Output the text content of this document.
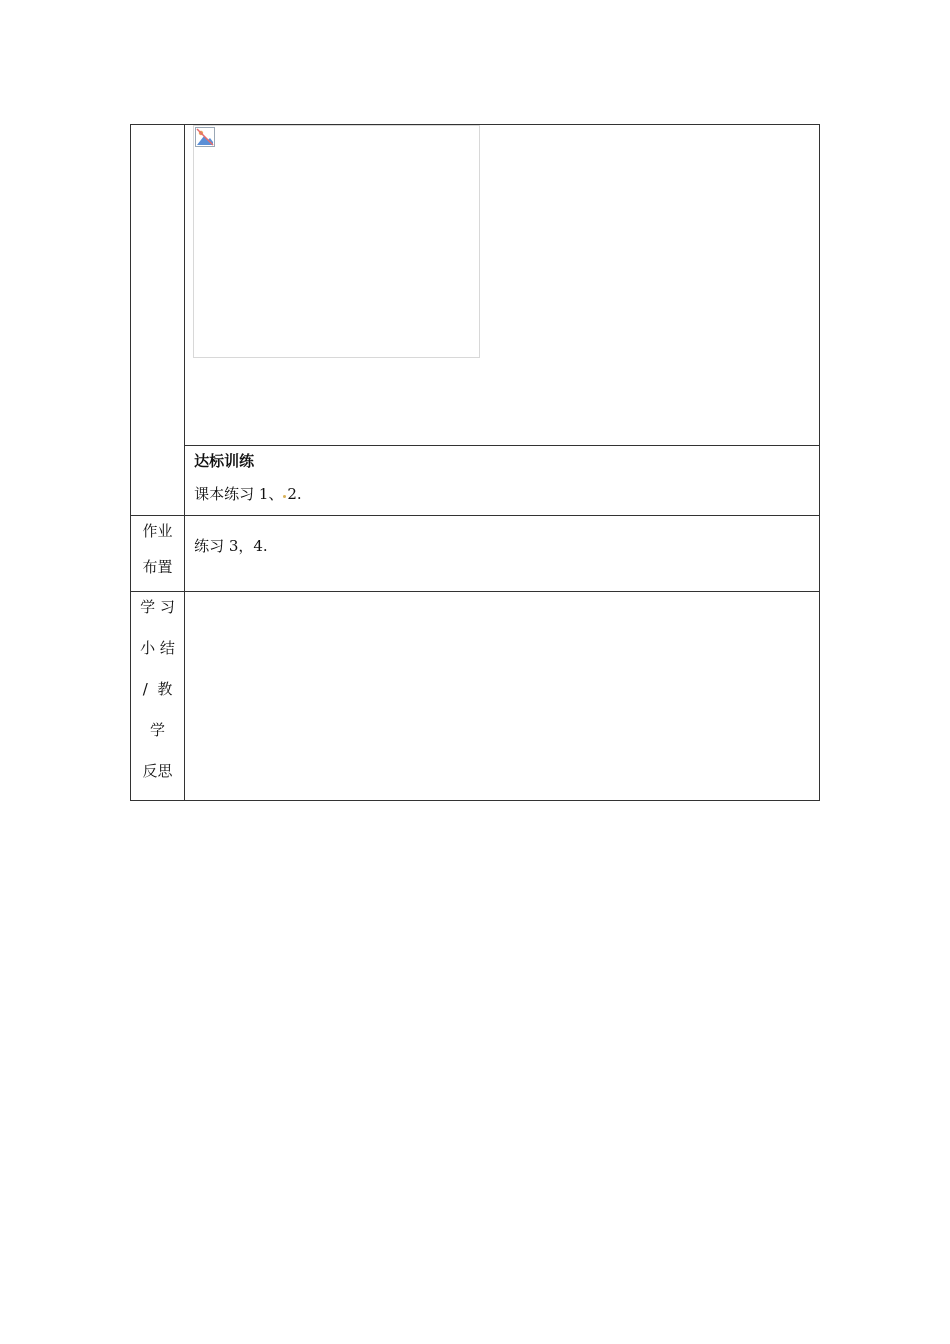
	达标训练
课本练习 1、 2.

作业
布置	练习 3，4.

学 习
小 结
/  教
学
反思	
